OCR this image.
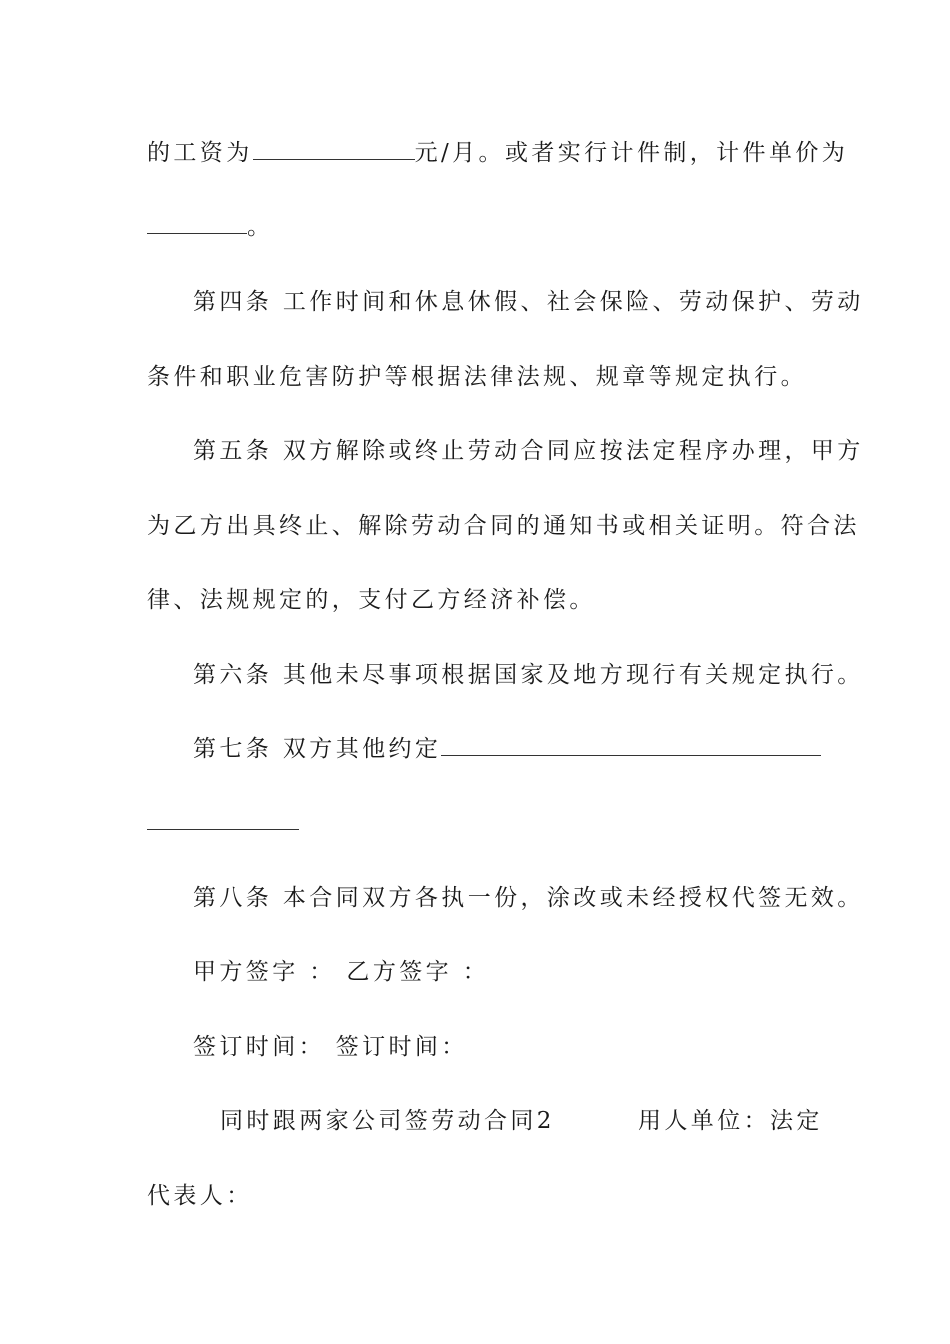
的工资为	元/月。或者实行计件制，计件单价为
。
第四条 工作时间和休息休假、社会保险、劳动保护、劳动
条件和职业危害防护等根据法律法规、规章等规定执行。
第五条 双方解除或终止劳动合同应按法定程序办理，甲方
为乙方出具终止、解除劳动合同的通知书或相关证明。符合法
律、法规规定的，支付乙方经济补偿。
第六条 其他未尽事项根据国家及地方现行有关规定执行。
第七条 双方其他约定
第八条 本合同双方各执一份，涂改或未经授权代签无效。
甲方签字 ： 乙方签字 ：
签订时间： 签订时间：
同时跟两家公司签劳动合同2	用人单位：法定
代表人：
